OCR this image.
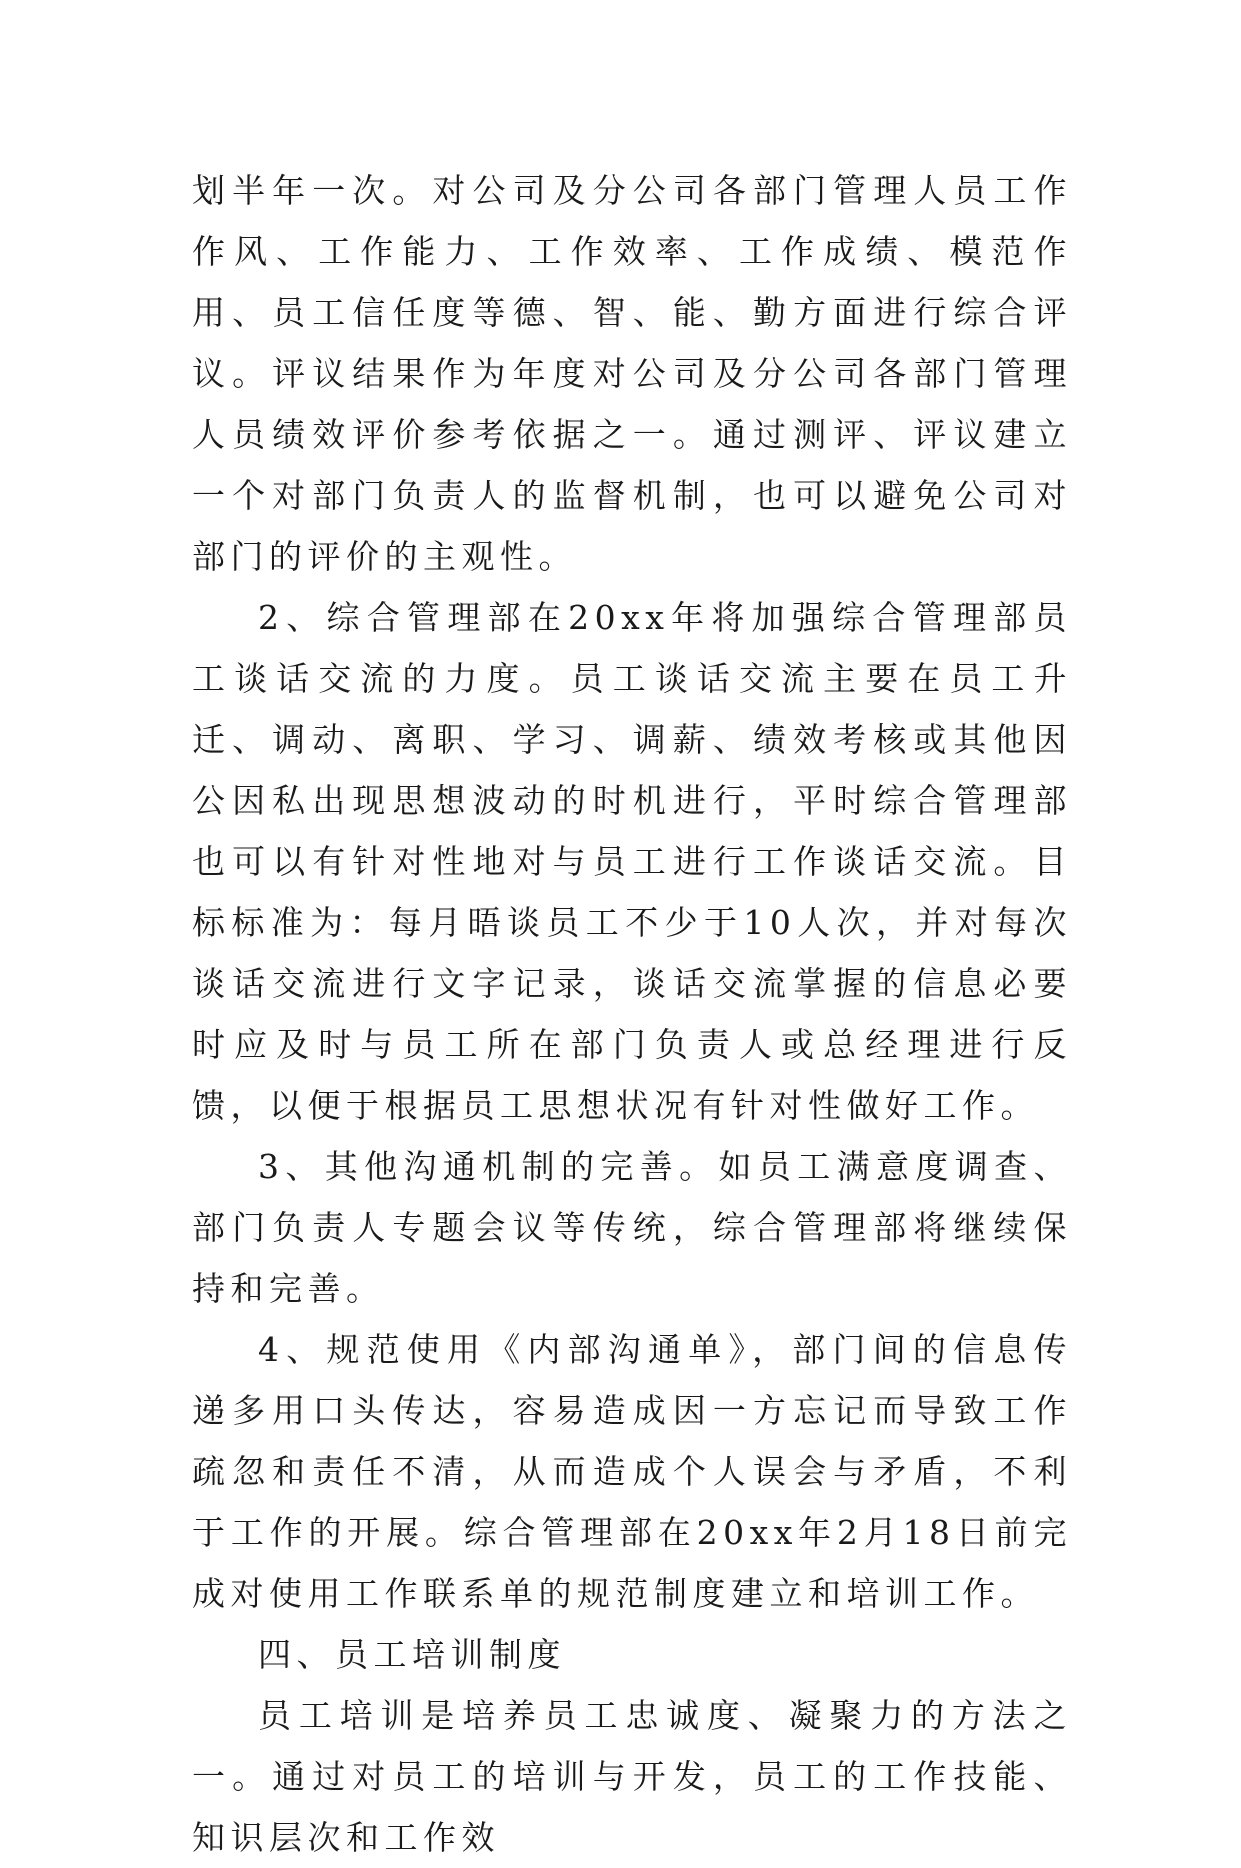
划半年一次。对公司及分公司各部门管理人员工作作风、工作能力、工作效率、工作成绩、模范作用、员工信任度等德、智、能、勤方面进行综合评议。评议结果作为年度对公司及分公司各部门管理人员绩效评价参考依据之一。通过测评、评议建立一个对部门负责人的监督机制，也可以避免公司对部门的评价的主观性。

2、综合管理部在20xx年将加强综合管理部员工谈话交流的力度。员工谈话交流主要在员工升迁、调动、离职、学习、调薪、绩效考核或其他因公因私出现思想波动的时机进行，平时综合管理部也可以有针对性地对与员工进行工作谈话交流。目标标准为：每月晤谈员工不少于10人次，并对每次谈话交流进行文字记录，谈话交流掌握的信息必要时应及时与员工所在部门负责人或总经理进行反馈，以便于根据员工思想状况有针对性做好工作。

3、其他沟通机制的完善。如员工满意度调查、部门负责人专题会议等传统，综合管理部将继续保持和完善。

4、规范使用《内部沟通单》，部门间的信息传递多用口头传达，容易造成因一方忘记而导致工作疏忽和责任不清，从而造成个人误会与矛盾，不利于工作的开展。综合管理部在20xx年2月18日前完成对使用工作联系单的规范制度建立和培训工作。

四、员工培训制度

员工培训是培养员工忠诚度、凝聚力的方法之一。通过对员工的培训与开发，员工的工作技能、知识层次和工作效
